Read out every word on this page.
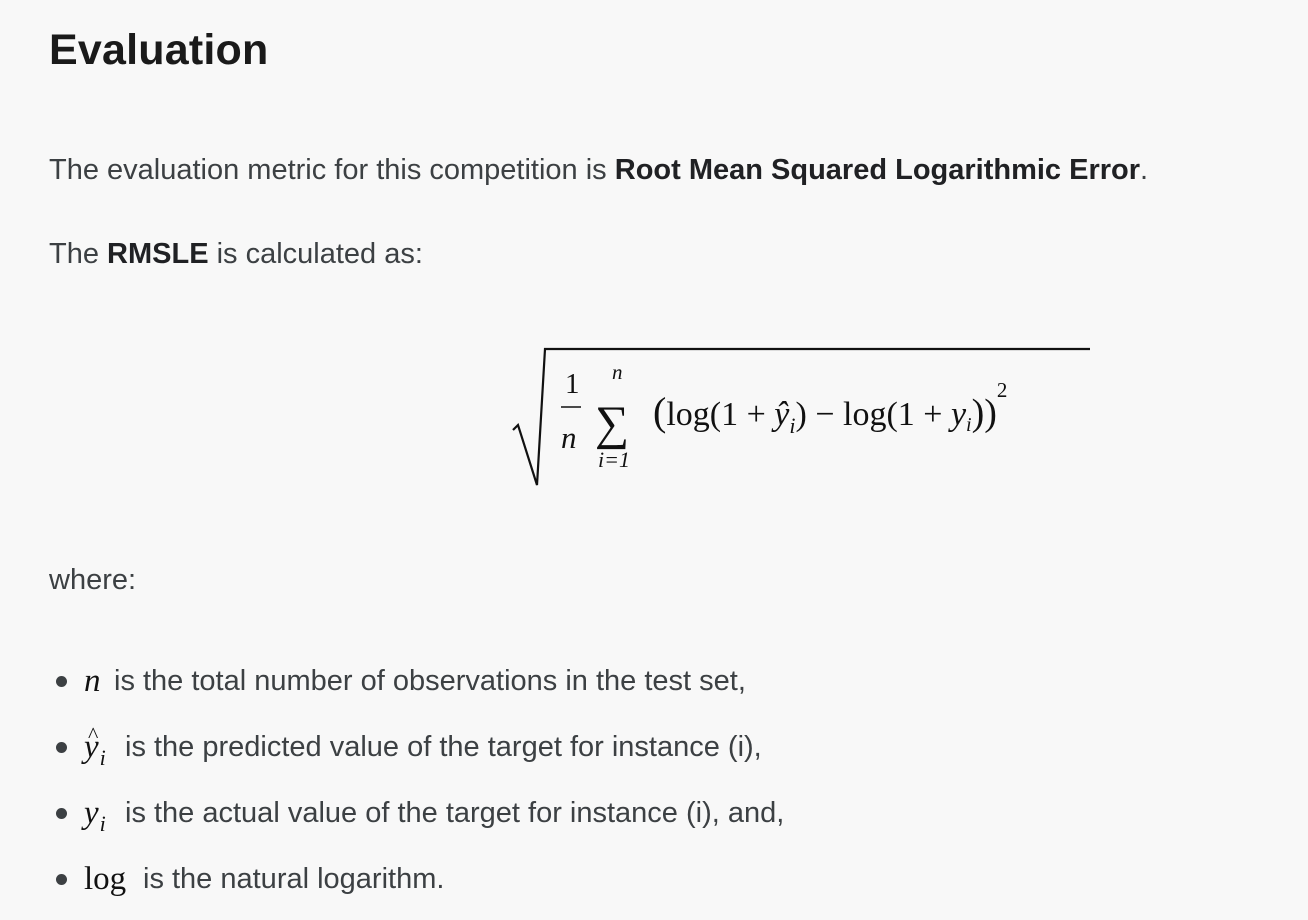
Evaluation

The evaluation metric for this competition is Root Mean Squared Logarithmic Error.

The RMSLE is calculated as:

1
n
n
∑
i=1
$(\log(1 + ŷ_i) - \log(1 + yi))^2$

where:

n is the total number of observations in the test set,
^ $y_i$ is the predicted value of the target for instance (i),
$y_i$ is the actual value of the target for instance (i), and,
log is the natural logarithm.
